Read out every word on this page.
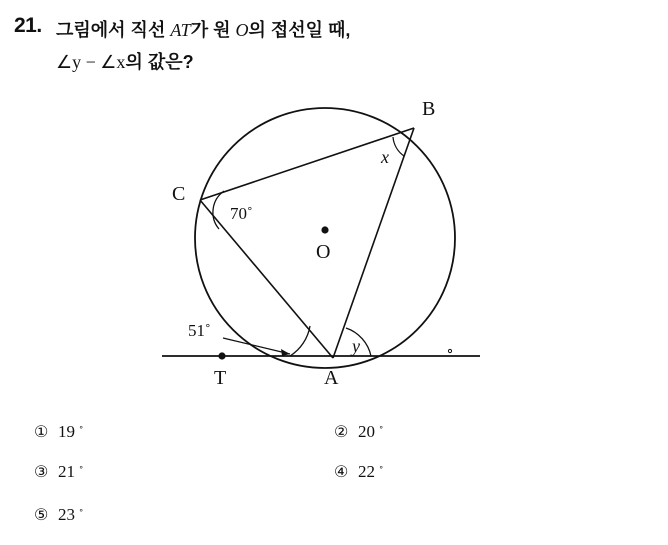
21. 그림에서 직선 AT가 원 O의 접선일 때,
∠y − ∠x의 값은?
B
C
O
T	A
x
y
70˚
51˚
① 19 ˚	② 20 ˚
③ 21 ˚	④ 22 ˚
⑤ 23 ˚
